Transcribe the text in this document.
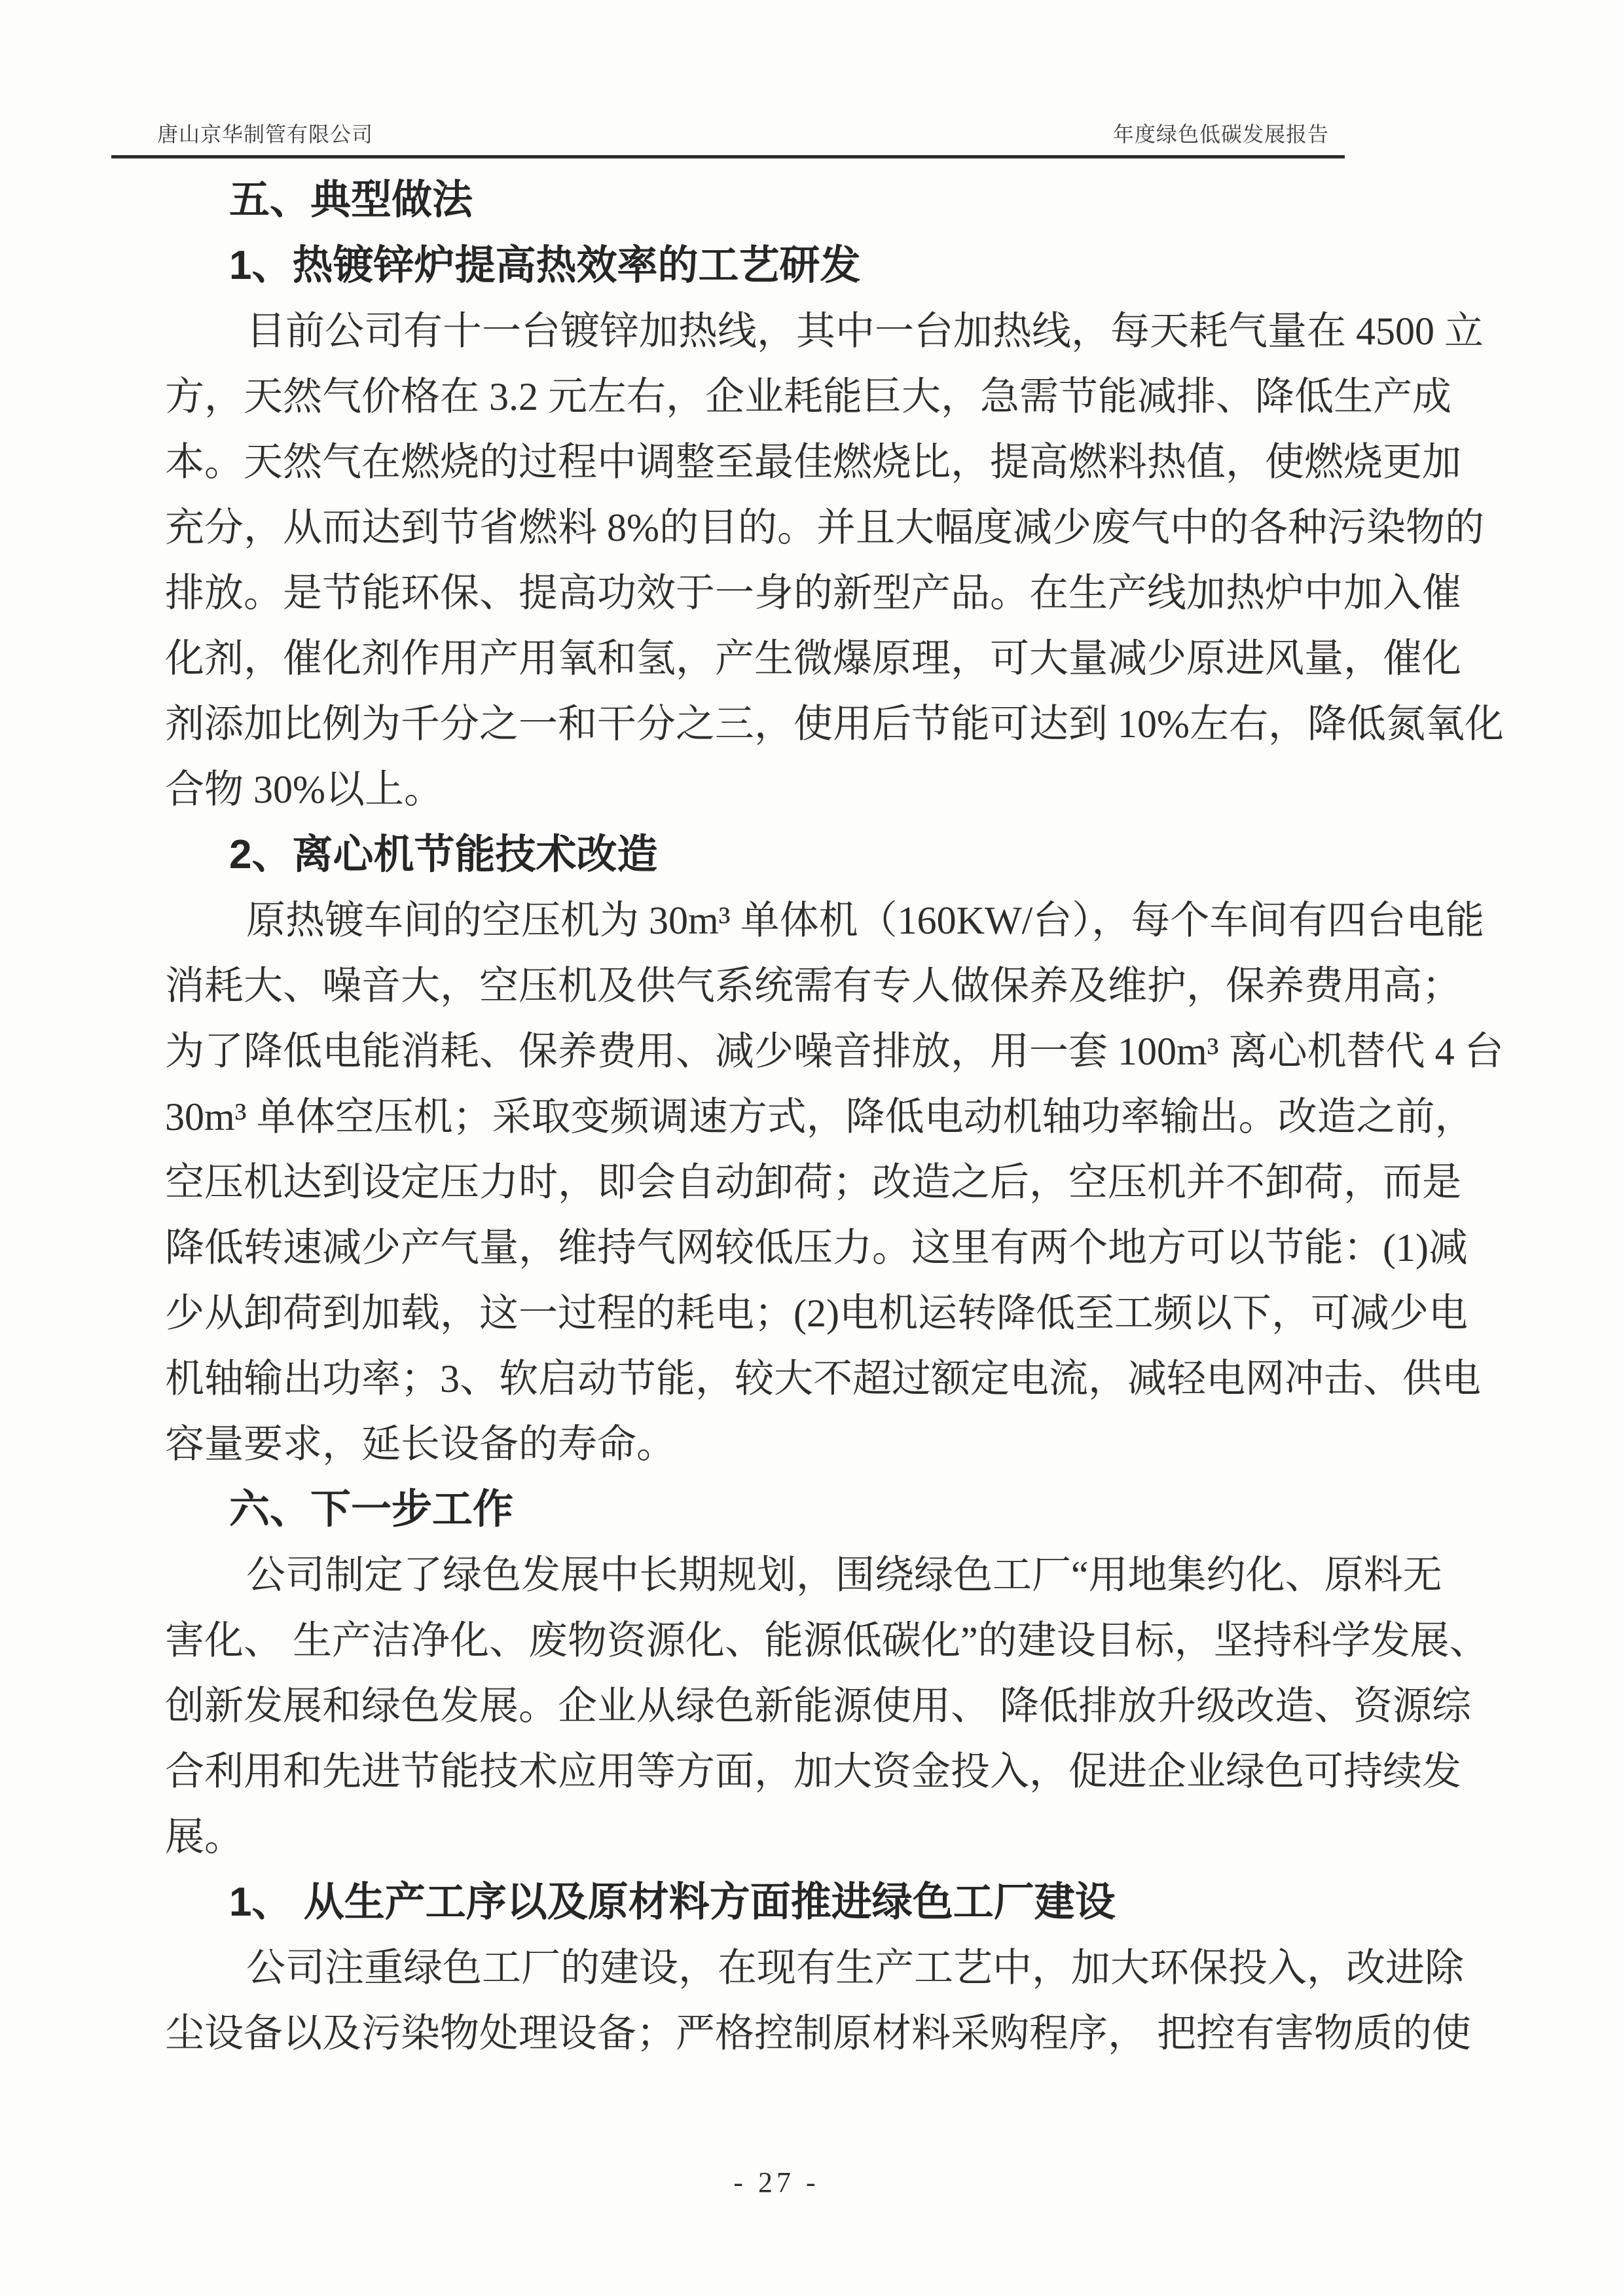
唐山京华制管有限公司	年度绿色低碳发展报告
五、典型做法
1、热镀锌炉提高热效率的工艺研发
目前公司有十一台镀锌加热线，其中一台加热线，每天耗气量在 4500 立
方，天然气价格在 3.2 元左右，企业耗能巨大，急需节能减排、降低生产成
本。天然气在燃烧的过程中调整至最佳燃烧比，提高燃料热值，使燃烧更加
充分，从而达到节省燃料 8%的目的。并且大幅度减少废气中的各种污染物的
排放。是节能环保、提高功效于一身的新型产品。在生产线加热炉中加入催
化剂，催化剂作用产用氧和氢，产生微爆原理，可大量减少原进风量，催化
剂添加比例为千分之一和干分之三，使用后节能可达到 10%左右，降低氮氧化
合物 30%以上。
2、离心机节能技术改造
原热镀车间的空压机为 30m³ 单体机（160KW/台），每个车间有四台电能
消耗大、噪音大，空压机及供气系统需有专人做保养及维护，保养费用高；
为了降低电能消耗、保养费用、减少噪音排放，用一套 100m³ 离心机替代 4 台
30m³ 单体空压机；采取变频调速方式，降低电动机轴功率输出。改造之前，
空压机达到设定压力时，即会自动卸荷；改造之后，空压机并不卸荷，而是
降低转速减少产气量，维持气网较低压力。这里有两个地方可以节能：(1)减
少从卸荷到加载，这一过程的耗电；(2)电机运转降低至工频以下，可减少电
机轴输出功率；3、软启动节能，较大不超过额定电流，减轻电网冲击、供电
容量要求，延长设备的寿命。
六、下一步工作
公司制定了绿色发展中长期规划，围绕绿色工厂“用地集约化、原料无
害化、 生产洁净化、废物资源化、能源低碳化”的建设目标，坚持科学发展、
创新发展和绿色发展。企业从绿色新能源使用、 降低排放升级改造、资源综
合利用和先进节能技术应用等方面，加大资金投入，促进企业绿色可持续发
展。
1、 从生产工序以及原材料方面推进绿色工厂建设
公司注重绿色工厂的建设，在现有生产工艺中，加大环保投入，改进除
尘设备以及污染物处理设备；严格控制原材料采购程序， 把控有害物质的使
- 27 -
